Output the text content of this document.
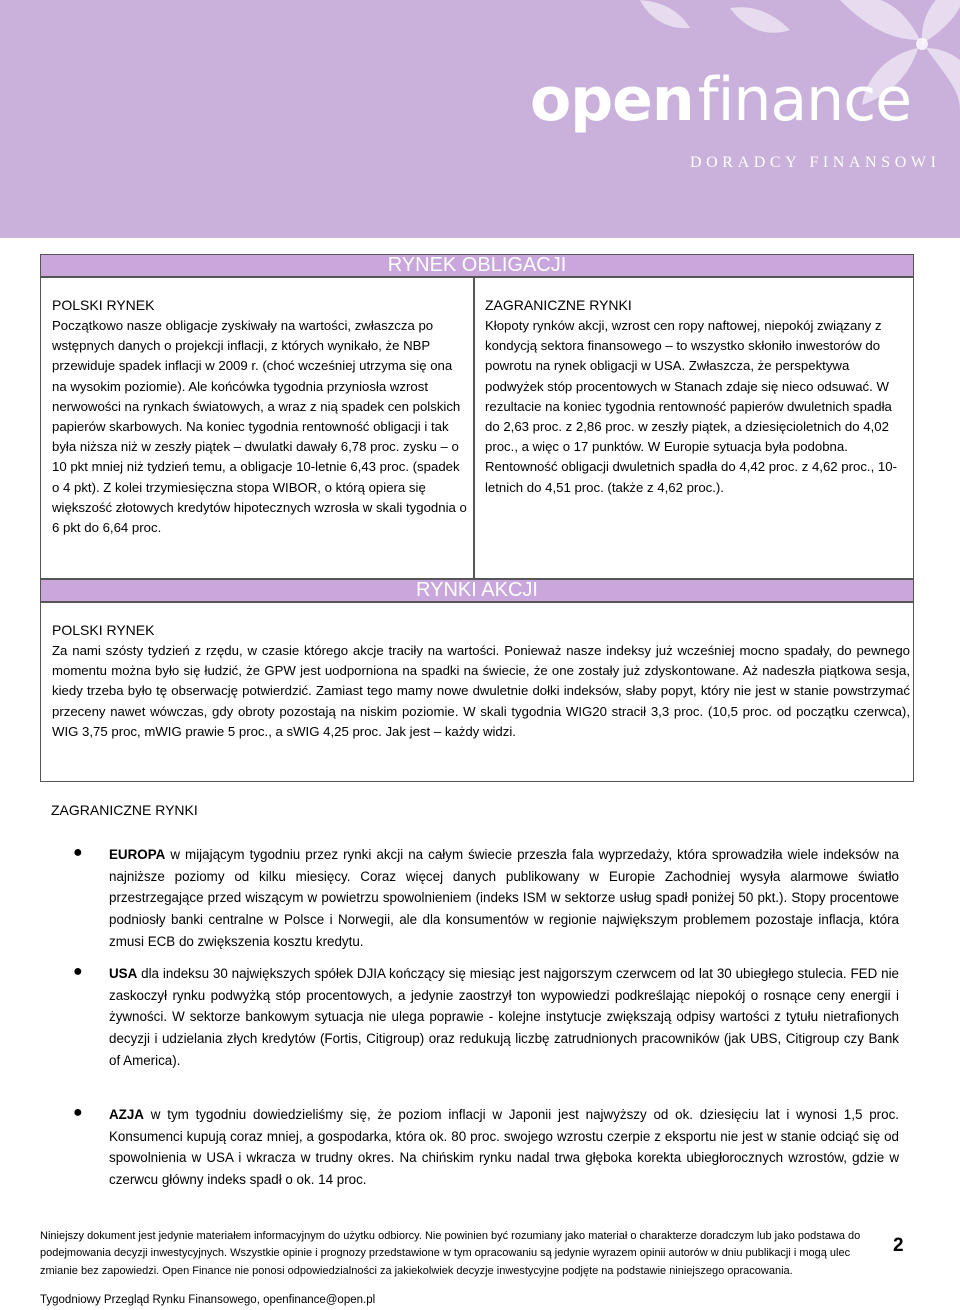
openfinance
DORADCY FINANSOWI
RYNEK OBLIGACJI
POLSKI RYNEK
Początkowo nasze obligacje zyskiwały na wartości, zwłaszcza po wstępnych danych o projekcji inflacji, z których wynikało, że NBP przewiduje spadek inflacji w 2009 r. (choć wcześniej utrzyma się ona na wysokim poziomie). Ale końcówka tygodnia przyniosła wzrost nerwowości na rynkach światowych, a wraz z nią spadek cen polskich papierów skarbowych. Na koniec tygodnia rentowność obligacji i tak była niższa niż w zeszły piątek – dwulatki dawały 6,78 proc. zysku – o 10 pkt mniej niż tydzień temu, a obligacje 10-letnie 6,43 proc. (spadek o 4 pkt). Z kolei trzymiesięczna stopa WIBOR, o którą opiera się większość złotowych kredytów hipotecznych wzrosła w skali tygodnia o 6 pkt do 6,64 proc.
ZAGRANICZNE RYNKI
Kłopoty rynków akcji, wzrost cen ropy naftowej, niepokój związany z kondycją sektora finansowego – to wszystko skłoniło inwestorów do powrotu na rynek obligacji w USA. Zwłaszcza, że perspektywa podwyżek stóp procentowych w Stanach zdaje się nieco odsuwać. W rezultacie na koniec tygodnia rentowność papierów dwuletnich spadła do 2,63 proc. z 2,86 proc. w zeszły piątek, a dziesięcioletnich do 4,02 proc., a więc o 17 punktów. W Europie sytuacja była podobna. Rentowność obligacji dwuletnich spadła do 4,42 proc. z 4,62 proc., 10-letnich do 4,51 proc. (także z 4,62 proc.).
RYNKI AKCJI
POLSKI RYNEK
Za nami szósty tydzień z rzędu, w czasie którego akcje traciły na wartości. Ponieważ nasze indeksy już wcześniej mocno spadały, do pewnego momentu można było się łudzić, że GPW jest uodporniona na spadki na świecie, że one zostały już zdyskontowane. Aż nadeszła piątkowa sesja, kiedy trzeba było tę obserwację potwierdzić. Zamiast tego mamy nowe dwuletnie dołki indeksów, słaby popyt, który nie jest w stanie powstrzymać przeceny nawet wówczas, gdy obroty pozostają na niskim poziomie. W skali tygodnia WIG20 stracił 3,3 proc. (10,5 proc. od początku czerwca), WIG 3,75 proc, mWIG prawie 5 proc., a sWIG 4,25 proc. Jak jest – każdy widzi.
ZAGRANICZNE RYNKI
● EUROPA w mijającym tygodniu przez rynki akcji na całym świecie przeszła fala wyprzedaży, która sprowadziła wiele indeksów na najniższe poziomy od kilku miesięcy. Coraz więcej danych publikowany w Europie Zachodniej wysyła alarmowe światło przestrzegające przed wiszącym w powietrzu spowolnieniem (indeks ISM w sektorze usług spadł poniżej 50 pkt.). Stopy procentowe podniosły banki centralne w Polsce i Norwegii, ale dla konsumentów w regionie największym problemem pozostaje inflacja, która zmusi ECB do zwiększenia kosztu kredytu.
● USA dla indeksu 30 największych spółek DJIA kończący się miesiąc jest najgorszym czerwcem od lat 30 ubiegłego stulecia. FED nie zaskoczył rynku podwyżką stóp procentowych, a jedynie zaostrzył ton wypowiedzi podkreślając niepokój o rosnące ceny energii i żywności. W sektorze bankowym sytuacja nie ulega poprawie - kolejne instytucje zwiększają odpisy wartości z tytułu nietrafionych decyzji i udzielania złych kredytów (Fortis, Citigroup) oraz redukują liczbę zatrudnionych pracowników (jak UBS, Citigroup czy Bank of America).
● AZJA w tym tygodniu dowiedzieliśmy się, że poziom inflacji w Japonii jest najwyższy od ok. dziesięciu lat i wynosi 1,5 proc. Konsumenci kupują coraz mniej, a gospodarka, która ok. 80 proc. swojego wzrostu czerpie z eksportu nie jest w stanie odciąć się od spowolnienia w USA i wkracza w trudny okres. Na chińskim rynku nadal trwa głęboka korekta ubiegłorocznych wzrostów, gdzie w czerwcu główny indeks spadł o ok. 14 proc.
Niniejszy dokument jest jedynie materiałem informacyjnym do użytku odbiorcy. Nie powinien być rozumiany jako materiał o charakterze doradczym lub jako podstawa do podejmowania decyzji inwestycyjnych. Wszystkie opinie i prognozy przedstawione w tym opracowaniu są jedynie wyrazem opinii autorów w dniu publikacji i mogą ulec zmianie bez zapowiedzi. Open Finance nie ponosi odpowiedzialności za jakiekolwiek decyzje inwestycyjne podjęte na podstawie niniejszego opracowania.
2
Tygodniowy Przegląd Rynku Finansowego, openfinance@open.pl
